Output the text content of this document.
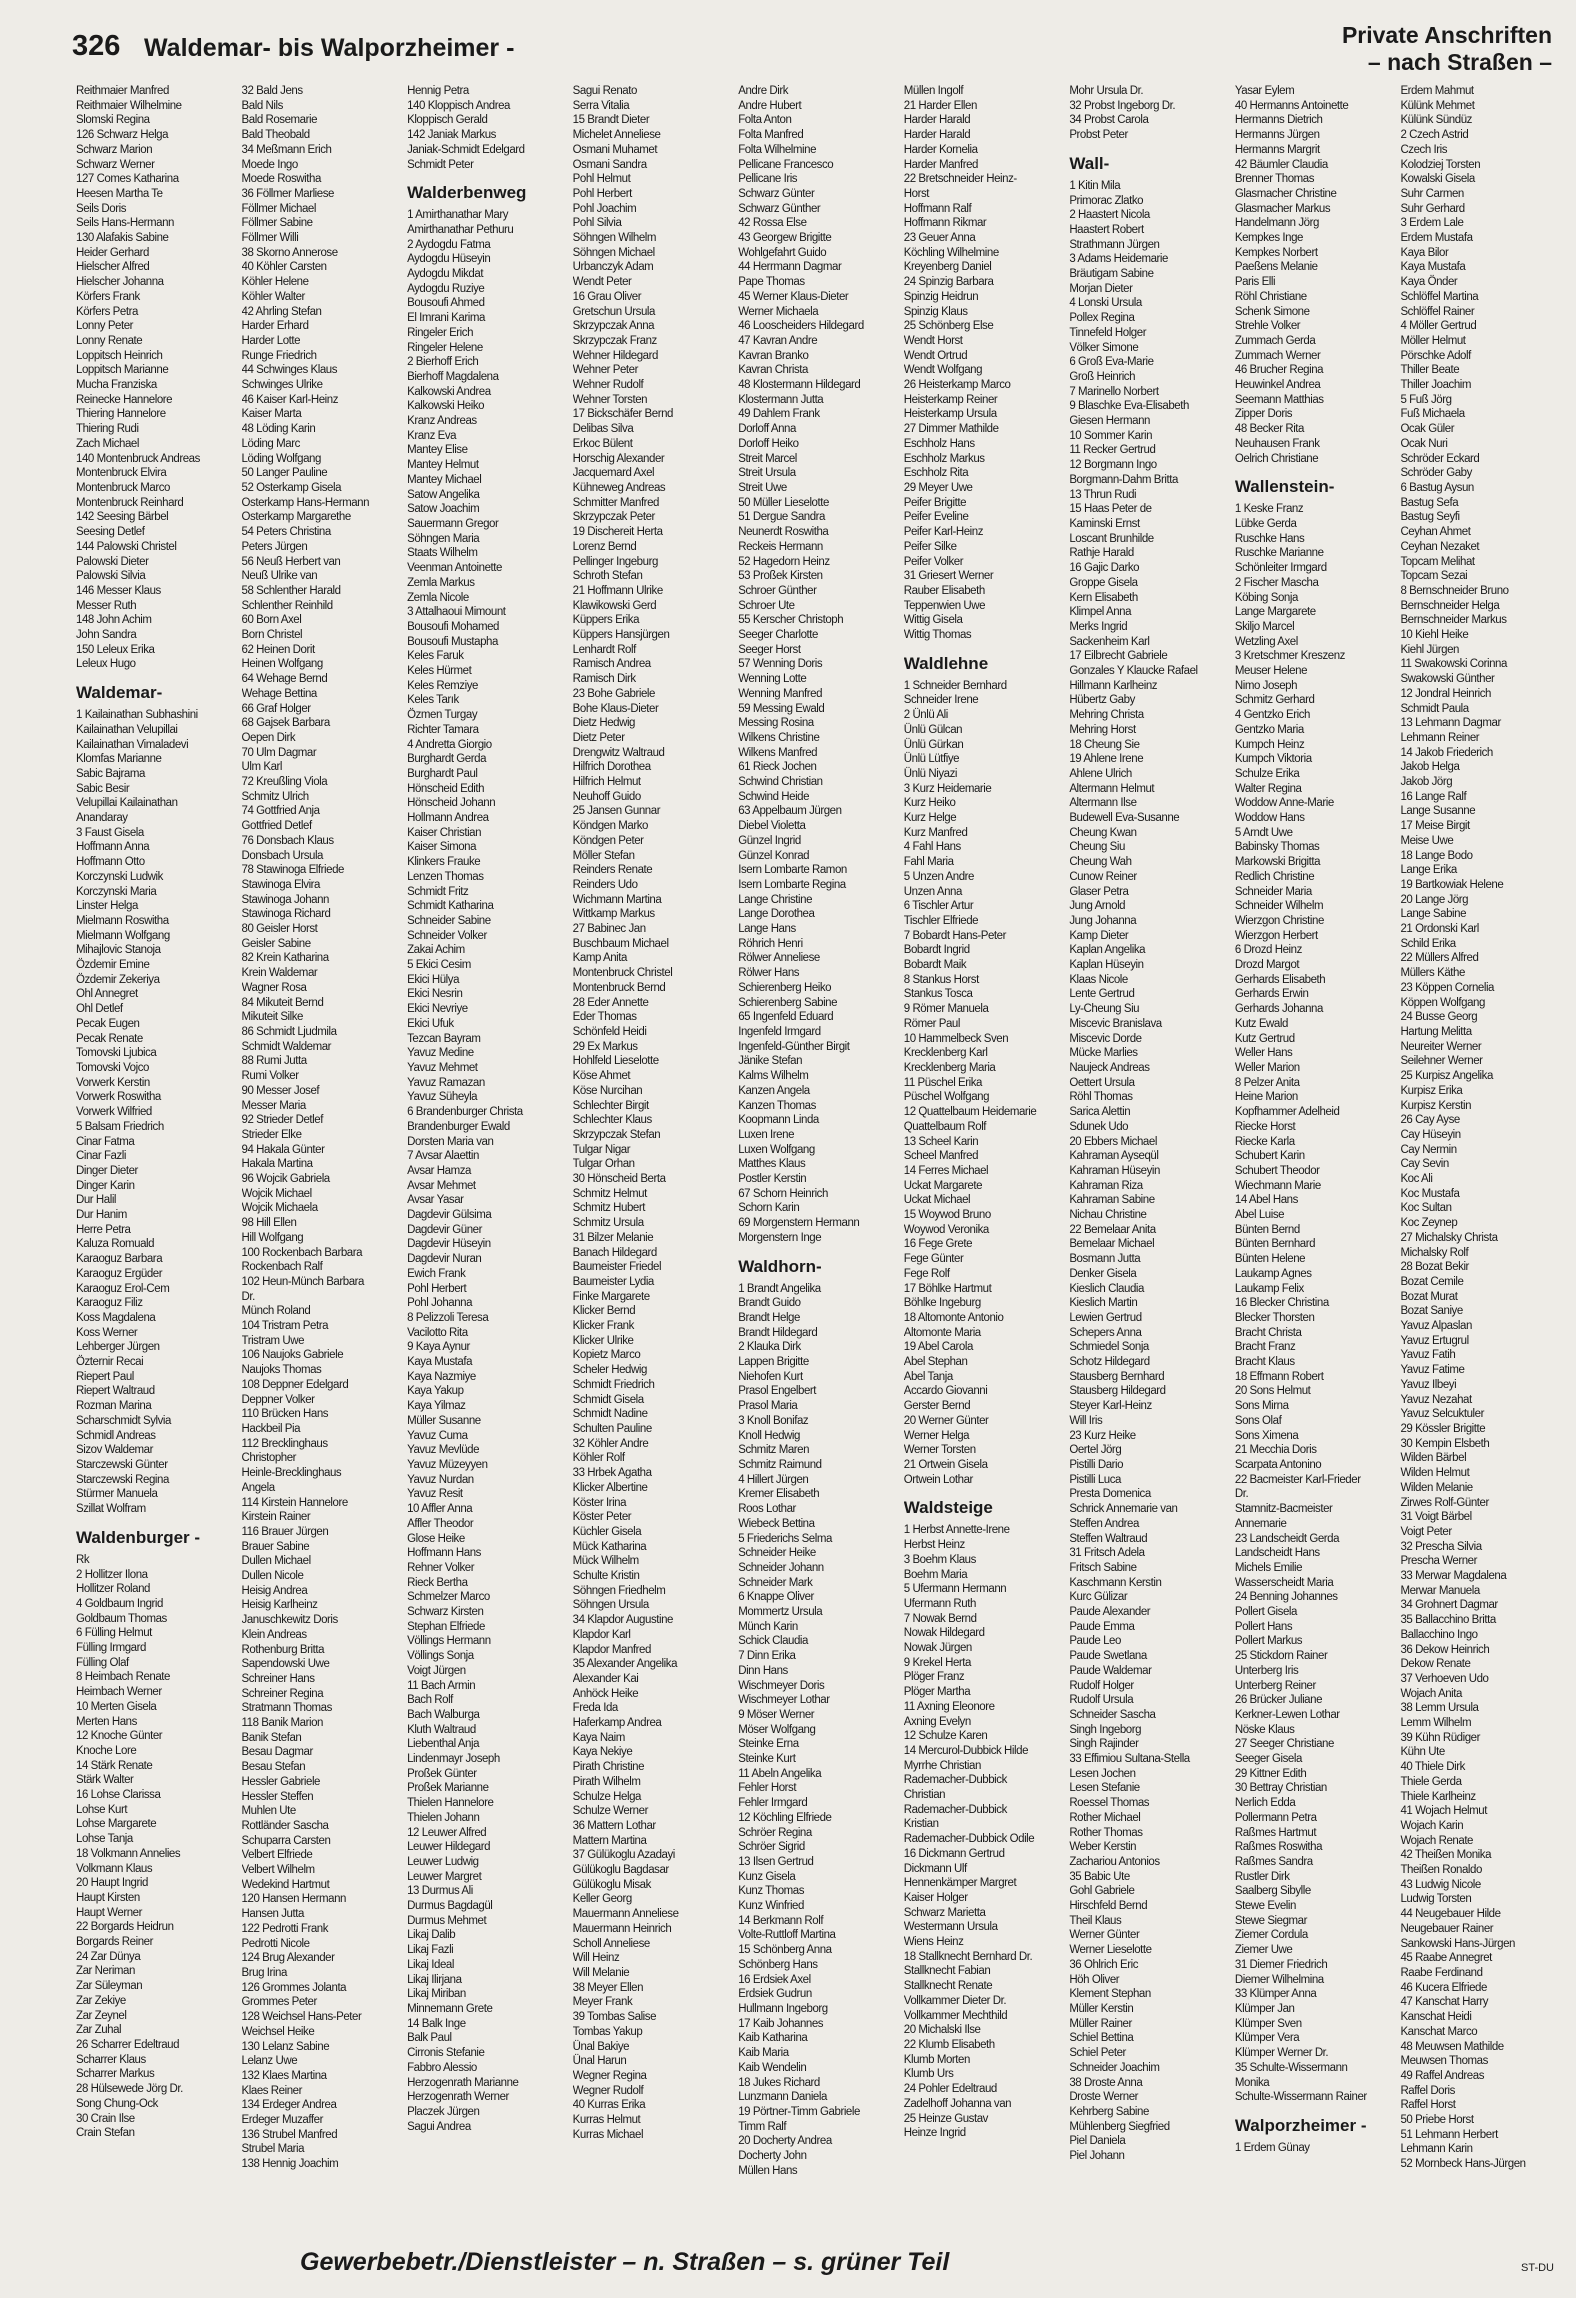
326 Waldemar- bis Walporzheimer -	Private Anschriften
– nach Straßen –
Reithmaier Manfred
Reithmaier Wilhelmine
Slomski Regina
126 Schwarz Helga
Schwarz Marion
Schwarz Werner
127 Comes Katharina
Heesen Martha Te
Seils Doris
Seils Hans-Hermann
130 Alafakis Sabine
Heider Gerhard
Hielscher Alfred
Hielscher Johanna
Körfers Frank
Körfers Petra
Lonny Peter
Lonny Renate
Loppitsch Heinrich
Loppitsch Marianne
Mucha Franziska
Reinecke Hannelore
Thiering Hannelore
Thiering Rudi
Zach Michael
140 Montenbruck Andreas
Montenbruck Elvira
Montenbruck Marco
Montenbruck Reinhard
142 Seesing Bärbel
Seesing Detlef
144 Palowski Christel
Palowski Dieter
Palowski Silvia
146 Messer Klaus
Messer Ruth
148 John Achim
John Sandra
150 Leleux Erika
Leleux Hugo
Waldemar-
1 Kailainathan Subhashini
Kailainathan Velupillai
Kailainathan Vimaladevi
Klomfas Marianne
Sabic Bajrama
Sabic Besir
Velupillai Kailainathan
Anandaray
3 Faust Gisela
Hoffmann Anna
Hoffmann Otto
Korczynski Ludwik
Korczynski Maria
Linster Helga
Mielmann Roswitha
Mielmann Wolfgang
Mihajlovic Stanoja
Özdemir Emine
Özdemir Zekeriya
Ohl Annegret
Ohl Detlef
Pecak Eugen
Pecak Renate
Tomovski Ljubica
Tomovski Vojco
Vorwerk Kerstin
Vorwerk Roswitha
Vorwerk Wilfried
5 Balsam Friedrich
Cinar Fatma
Cinar Fazli
Dinger Dieter
Dinger Karin
Dur Halil
Dur Hanim
Herre Petra
Kaluza Romuald
Karaoguz Barbara
Karaoguz Ergüder
Karaoguz Erol-Cem
Karaoguz Filiz
Koss Magdalena
Koss Werner
Lehberger Jürgen
Özternir Recai
Riepert Paul
Riepert Waltraud
Rozman Marina
Scharschmidt Sylvia
Schmidl Andreas
Sizov Waldemar
Starczewski Günter
Starczewski Regina
Stürmer Manuela
Szillat Wolfram
Waldenburger -
Rk
2 Hollitzer Ilona
Hollitzer Roland
4 Goldbaum Ingrid
Goldbaum Thomas
6 Fülling Helmut
Fülling Irmgard
Fülling Olaf
8 Heimbach Renate
Heimbach Werner
10 Merten Gisela
Merten Hans
12 Knoche Günter
Knoche Lore
14 Stärk Renate
Stärk Walter
16 Lohse Clarissa
Lohse Kurt
Lohse Margarete
Lohse Tanja
18 Volkmann Annelies
Volkmann Klaus
20 Haupt Ingrid
Haupt Kirsten
Haupt Werner
22 Borgards Heidrun
Borgards Reiner
24 Zar Dünya
Zar Neriman
Zar Süleyman
Zar Zekiye
Zar Zeynel
Zar Zuhal
26 Scharrer Edeltraud
Scharrer Klaus
Scharrer Markus
28 Hülsewede Jörg Dr.
Song Chung-Ock
30 Crain Ilse
Crain Stefan
32 Bald Jens
Bald Nils
Bald Rosemarie
Bald Theobald
34 Meßmann Erich
Moede Ingo
Moede Roswitha
36 Föllmer Marliese
Föllmer Michael
Föllmer Sabine
Föllmer Willi
38 Skorno Annerose
40 Köhler Carsten
Köhler Helene
Köhler Walter
42 Ahrling Stefan
Harder Erhard
Harder Lotte
Runge Friedrich
44 Schwinges Klaus
Schwinges Ulrike
46 Kaiser Karl-Heinz
Kaiser Marta
48 Löding Karin
Löding Marc
Löding Wolfgang
50 Langer Pauline
52 Osterkamp Gisela
Osterkamp Hans-Hermann
Osterkamp Margarethe
54 Peters Christina
Peters Jürgen
56 Neuß Herbert van
Neuß Ulrike van
58 Schlenther Harald
Schlenther Reinhild
60 Born Axel
Born Christel
62 Heinen Dorit
Heinen Wolfgang
64 Wehage Bernd
Wehage Bettina
66 Graf Holger
68 Gajsek Barbara
Oepen Dirk
70 Ulm Dagmar
Ulm Karl
72 Kreußling Viola
Schmitz Ulrich
74 Gottfried Anja
Gottfried Detlef
76 Donsbach Klaus
Donsbach Ursula
78 Stawinoga Elfriede
Stawinoga Elvira
Stawinoga Johann
Stawinoga Richard
80 Geisler Horst
Geisler Sabine
82 Krein Katharina
Krein Waldemar
Wagner Rosa
84 Mikuteit Bernd
Mikuteit Silke
86 Schmidt Ljudmila
Schmidt Waldemar
88 Rumi Jutta
Rumi Volker
90 Messer Josef
Messer Maria
92 Strieder Detlef
Strieder Elke
94 Hakala Günter
Hakala Martina
96 Wojcik Gabriela
Wojcik Michael
Wojcik Michaela
98 Hill Ellen
Hill Wolfgang
100 Rockenbach Barbara
Rockenbach Ralf
102 Heun-Münch Barbara
Dr.
Münch Roland
104 Tristram Petra
Tristram Uwe
106 Naujoks Gabriele
Naujoks Thomas
108 Deppner Edelgard
Deppner Volker
110 Brücken Hans
Hackbeil Pia
112 Brecklinghaus
Christopher
Heinle-Brecklinghaus
Angela
114 Kirstein Hannelore
Kirstein Rainer
116 Brauer Jürgen
Brauer Sabine
Dullen Michael
Dullen Nicole
Heisig Andrea
Heisig Karlheinz
Januschkewitz Doris
Klein Andreas
Rothenburg Britta
Sapendowski Uwe
Schreiner Hans
Schreiner Regina
Stratmann Thomas
118 Banik Marion
Banik Stefan
Besau Dagmar
Besau Stefan
Hessler Gabriele
Hessler Steffen
Muhlen Ute
Rottländer Sascha
Schuparra Carsten
Velbert Elfriede
Velbert Wilhelm
Wedekind Hartmut
120 Hansen Hermann
Hansen Jutta
122 Pedrotti Frank
Pedrotti Nicole
124 Brug Alexander
Brug Irina
126 Grommes Jolanta
Grommes Peter
128 Weichsel Hans-Peter
Weichsel Heike
130 Lelanz Sabine
Lelanz Uwe
132 Klaes Martina
Klaes Reiner
134 Erdeger Andrea
Erdeger Muzaffer
136 Strubel Manfred
Strubel Maria
138 Hennig Joachim
Hennig Petra
140 Kloppisch Andrea
Kloppisch Gerald
142 Janiak Markus
Janiak-Schmidt Edelgard
Schmidt Peter
Walderbenweg
1 Amirthanathar Mary
Amirthanathar Pethuru
2 Aydogdu Fatma
Aydogdu Hüseyin
Aydogdu Mikdat
Aydogdu Ruziye
Bousoufi Ahmed
El Imrani Karima
Ringeler Erich
Ringeler Helene
2 Bierhoff Erich
Bierhoff Magdalena
Kalkowski Andrea
Kalkowski Heiko
Kranz Andreas
Kranz Eva
Mantey Elise
Mantey Helmut
Mantey Michael
Satow Angelika
Satow Joachim
Sauermann Gregor
Söhngen Maria
Staats Wilhelm
Veenman Antoinette
Zemla Markus
Zemla Nicole
3 Attalhaoui Mimount
Bousoufi Mohamed
Bousoufi Mustapha
Keles Faruk
Keles Hürmet
Keles Remziye
Keles Tarık
Özmen Turgay
Richter Tamara
4 Andretta Giorgio
Burghardt Gerda
Burghardt Paul
Hönscheid Edith
Hönscheid Johann
Hollmann Andrea
Kaiser Christian
Kaiser Simona
Klinkers Frauke
Lenzen Thomas
Schmidt Fritz
Schmidt Katharina
Schneider Sabine
Schneider Volker
Zakai Achim
5 Ekici Cesim
Ekici Hülya
Ekici Nesrin
Ekici Nevriye
Ekici Ufuk
Tezcan Bayram
Yavuz Medine
Yavuz Mehmet
Yavuz Ramazan
Yavuz Süheyla
6 Brandenburger Christa
Brandenburger Ewald
Dorsten Maria van
7 Avsar Alaettin
Avsar Hamza
Avsar Mehmet
Avsar Yasar
Dagdevir Gülsima
Dagdevir Güner
Dagdevir Hüseyin
Dagdevir Nuran
Ewich Frank
Pohl Herbert
Pohl Johanna
8 Pelizzoli Teresa
Vacilotto Rita
9 Kaya Aynur
Kaya Mustafa
Kaya Nazmiye
Kaya Yakup
Kaya Yilmaz
Müller Susanne
Yavuz Cuma
Yavuz Mevlüde
Yavuz Müzeyyen
Yavuz Nurdan
Yavuz Resit
10 Affler Anna
Affler Theodor
Glose Heike
Hoffmann Hans
Rehner Volker
Rieck Bertha
Schmelzer Marco
Schwarz Kirsten
Stephan Elfriede
Völlings Hermann
Völlings Sonja
Voigt Jürgen
11 Bach Armin
Bach Rolf
Bach Walburga
Kluth Waltraud
Liebenthal Anja
Lindenmayr Joseph
Proßek Günter
Proßek Marianne
Thielen Hannelore
Thielen Johann
12 Leuwer Alfred
Leuwer Hildegard
Leuwer Ludwig
Leuwer Margret
13 Durmus Ali
Durmus Bagdagül
Durmus Mehmet
Likaj Dalib
Likaj Fazli
Likaj Ideal
Likaj Ilirjana
Likaj Miriban
Minnemann Grete
14 Balk Inge
Balk Paul
Cirronis Stefanie
Fabbro Alessio
Herzogenrath Marianne
Herzogenrath Werner
Placzek Jürgen
Sagui Andrea
Sagui Renato
Serra Vitalia
15 Brandt Dieter
Michelet Anneliese
Osmani Muhamet
Osmani Sandra
Pohl Helmut
Pohl Herbert
Pohl Joachim
Pohl Silvia
Söhngen Wilhelm
Söhngen Michael
Urbanczyk Adam
Wendt Peter
16 Grau Oliver
Gretschun Ursula
Skrzypczak Anna
Skrzypczak Franz
Wehner Hildegard
Wehner Peter
Wehner Rudolf
Wehner Torsten
17 Bickschäfer Bernd
Delibas Silva
Erkoc Bülent
Horschig Alexander
Jacquemard Axel
Kühneweg Andreas
Schmitter Manfred
Skrzypczak Peter
19 Dischereit Herta
Lorenz Bernd
Pellinger Ingeburg
Schroth Stefan
21 Hoffmann Ulrike
Klawikowski Gerd
Küppers Erika
Küppers Hansjürgen
Lenhardt Rolf
Ramisch Andrea
Ramisch Dirk
23 Bohe Gabriele
Bohe Klaus-Dieter
Dietz Hedwig
Dietz Peter
Drengwitz Waltraud
Hilfrich Dorothea
Hilfrich Helmut
Neuhoff Guido
25 Jansen Gunnar
Köndgen Marko
Köndgen Peter
Möller Stefan
Reinders Renate
Reinders Udo
Wichmann Martina
Wittkamp Markus
27 Babinec Jan
Buschbaum Michael
Kamp Anita
Montenbruck Christel
Montenbruck Bernd
28 Eder Annette
Eder Thomas
Schönfeld Heidi
29 Ex Markus
Hohlfeld Lieselotte
Köse Ahmet
Köse Nurcihan
Schlechter Birgit
Schlechter Klaus
Skrzypczak Stefan
Tulgar Nigar
Tulgar Orhan
30 Hönscheid Berta
Schmitz Helmut
Schmitz Hubert
Schmitz Ursula
31 Bilzer Melanie
Banach Hildegard
Baumeister Friedel
Baumeister Lydia
Finke Margarete
Klicker Bernd
Klicker Frank
Klicker Ulrike
Kopietz Marco
Scheler Hedwig
Schmidt Friedrich
Schmidt Gisela
Schmidt Nadine
Schulten Pauline
32 Köhler Andre
Köhler Rolf
33 Hrbek Agatha
Klicker Albertine
Köster Irina
Köster Peter
Küchler Gisela
Mück Katharina
Mück Wilhelm
Schulte Kristin
Söhngen Friedhelm
Söhngen Ursula
34 Klapdor Augustine
Klapdor Karl
Klapdor Manfred
35 Alexander Angelika
Alexander Kai
Anhöck Heike
Freda Ida
Haferkamp Andrea
Kaya Naim
Kaya Nekiye
Pirath Christine
Pirath Wilhelm
Schulze Helga
Schulze Werner
36 Mattern Lothar
Mattern Martina
37 Gülükoglu Azadayi
Gülükoglu Bagdasar
Gülükoglu Misak
Keller Georg
Mauermann Anneliese
Mauermann Heinrich
Scholl Anneliese
Will Heinz
Will Melanie
38 Meyer Ellen
Meyer Frank
39 Tombas Salise
Tombas Yakup
Ünal Bakiye
Ünal Harun
Wegner Regina
Wegner Rudolf
40 Kurras Erika
Kurras Helmut
Kurras Michael
Andre Dirk
Andre Hubert
Folta Anton
Folta Manfred
Folta Wilhelmine
Pellicane Francesco
Pellicane Iris
Schwarz Günter
Schwarz Günther
42 Rossa Else
43 Georgew Brigitte
Wohlgefahrt Guido
44 Herrmann Dagmar
Pape Thomas
45 Werner Klaus-Dieter
Werner Michaela
46 Looscheiders Hildegard
47 Kavran Andre
Kavran Branko
Kavran Christa
48 Klostermann Hildegard
Klostermann Jutta
49 Dahlem Frank
Dorloff Anna
Dorloff Heiko
Streit Marcel
Streit Ursula
Streit Uwe
50 Müller Lieselotte
51 Dergue Sandra
Neunerdt Roswitha
Reckeis Hermann
52 Hagedorn Heinz
53 Proßek Kirsten
Schroer Günther
Schroer Ute
55 Kerscher Christoph
Seeger Charlotte
Seeger Horst
57 Wenning Doris
Wenning Lotte
Wenning Manfred
59 Messing Ewald
Messing Rosina
Wilkens Christine
Wilkens Manfred
61 Rieck Jochen
Schwind Christian
Schwind Heide
63 Appelbaum Jürgen
Diebel Violetta
Günzel Ingrid
Günzel Konrad
Isern Lombarte Ramon
Isern Lombarte Regina
Lange Christine
Lange Dorothea
Lange Hans
Röhrich Henri
Rölwer Anneliese
Rölwer Hans
Schierenberg Heiko
Schierenberg Sabine
65 Ingenfeld Eduard
Ingenfeld Irmgard
Ingenfeld-Günther Birgit
Jänike Stefan
Kalms Wilhelm
Kanzen Angela
Kanzen Thomas
Koopmann Linda
Luxen Irene
Luxen Wolfgang
Matthes Klaus
Postler Kerstin
67 Schorn Heinrich
Schorn Karin
69 Morgenstern Hermann
Morgenstern Inge
Waldhorn-
1 Brandt Angelika
Brandt Guido
Brandt Helge
Brandt Hildegard
2 Klauka Dirk
Lappen Brigitte
Niehofen Kurt
Prasol Engelbert
Prasol Maria
3 Knoll Bonifaz
Knoll Hedwig
Schmitz Maren
Schmitz Raimund
4 Hillert Jürgen
Kremer Elisabeth
Roos Lothar
Wiebeck Bettina
5 Friederichs Selma
Schneider Heike
Schneider Johann
Schneider Mark
6 Knappe Oliver
Mommertz Ursula
Münch Karin
Schick Claudia
7 Dinn Erika
Dinn Hans
Wischmeyer Doris
Wischmeyer Lothar
9 Möser Werner
Möser Wolfgang
Steinke Erna
Steinke Kurt
11 Abeln Angelika
Fehler Horst
Fehler Irmgard
12 Köchling Elfriede
Schröer Regina
Schröer Sigrid
13 Ilsen Gertrud
Kunz Gisela
Kunz Thomas
Kunz Winfried
14 Berkmann Rolf
Volte-Ruttloff Martina
15 Schönberg Anna
Schönberg Hans
16 Erdsiek Axel
Erdsiek Gudrun
Hullmann Ingeborg
17 Kaib Johannes
Kaib Katharina
Kaib Maria
Kaib Wendelin
18 Jukes Richard
Lunzmann Daniela
19 Pörtner-Timm Gabriele
Timm Ralf
20 Docherty Andrea
Docherty John
Müllen Hans
Müllen Ingolf
21 Harder Ellen
Harder Harald
Harder Harald
Harder Kornelia
Harder Manfred
22 Bretschneider Heinz-
Horst
Hoffmann Ralf
Hoffmann Rikmar
23 Geuer Anna
Köchling Wilhelmine
Kreyenberg Daniel
24 Spinzig Barbara
Spinzig Heidrun
Spinzig Klaus
25 Schönberg Else
Wendt Horst
Wendt Ortrud
Wendt Wolfgang
26 Heisterkamp Marco
Heisterkamp Reiner
Heisterkamp Ursula
27 Dimmer Mathilde
Eschholz Hans
Eschholz Markus
Eschholz Rita
29 Meyer Uwe
Peifer Brigitte
Peifer Eveline
Peifer Karl-Heinz
Peifer Silke
Peifer Volker
31 Griesert Werner
Rauber Elisabeth
Teppenwien Uwe
Wittig Gisela
Wittig Thomas
Waldlehne
1 Schneider Bernhard
Schneider Irene
2 Ünlü Ali
Ünlü Gülcan
Ünlü Gürkan
Ünlü Lütfiye
Ünlü Niyazi
3 Kurz Heidemarie
Kurz Heiko
Kurz Helge
Kurz Manfred
4 Fahl Hans
Fahl Maria
5 Unzen Andre
Unzen Anna
6 Tischler Artur
Tischler Elfriede
7 Bobardt Hans-Peter
Bobardt Ingrid
Bobardt Maik
8 Stankus Horst
Stankus Tosca
9 Römer Manuela
Römer Paul
10 Hammelbeck Sven
Krecklenberg Karl
Krecklenberg Maria
11 Püschel Erika
Püschel Wolfgang
12 Quattelbaum Heidemarie
Quattelbaum Rolf
13 Scheel Karin
Scheel Manfred
14 Ferres Michael
Uckat Margarete
Uckat Michael
15 Woywod Bruno
Woywod Veronika
16 Fege Grete
Fege Günter
Fege Rolf
17 Böhlke Hartmut
Böhlke Ingeburg
18 Altomonte Antonio
Altomonte Maria
19 Abel Carola
Abel Stephan
Abel Tanja
Accardo Giovanni
Gerster Bernd
20 Werner Günter
Werner Helga
Werner Torsten
21 Ortwein Gisela
Ortwein Lothar
Waldsteige
1 Herbst Annette-Irene
Herbst Heinz
3 Boehm Klaus
Boehm Maria
5 Ufermann Hermann
Ufermann Ruth
7 Nowak Bernd
Nowak Hildegard
Nowak Jürgen
9 Krekel Herta
Plöger Franz
Plöger Martha
11 Axning Eleonore
Axning Evelyn
12 Schulze Karen
14 Mercurol-Dubbick Hilde
Myrrhe Christian
Rademacher-Dubbick
Christian
Rademacher-Dubbick
Kristian
Rademacher-Dubbick Odile
16 Dickmann Gertrud
Dickmann Ulf
Hennenkämper Margret
Kaiser Holger
Schwarz Marietta
Westermann Ursula
Wiens Heinz
18 Stallknecht Bernhard Dr.
Stallknecht Fabian
Stallknecht Renate
Vollkammer Dieter Dr.
Vollkammer Mechthild
20 Michalski Ilse
22 Klumb Elisabeth
Klumb Morten
Klumb Urs
24 Pohler Edeltraud
Zadelhoff Johanna van
25 Heinze Gustav
Heinze Ingrid
Mohr Ursula Dr.
32 Probst Ingeborg Dr.
34 Probst Carola
Probst Peter
Wall-
1 Kitin Mila
Primorac Zlatko
2 Haastert Nicola
Haastert Robert
Strathmann Jürgen
3 Adams Heidemarie
Bräutigam Sabine
Morjan Dieter
4 Lonski Ursula
Pollex Regina
Tinnefeld Holger
Völker Simone
6 Groß Eva-Marie
Groß Heinrich
7 Marinello Norbert
9 Blaschke Eva-Elisabeth
Giesen Hermann
10 Sommer Karin
11 Recker Gertrud
12 Borgmann Ingo
Borgmann-Dahm Britta
13 Thrun Rudi
15 Haas Peter de
Kaminski Ernst
Loscant Brunhilde
Rathje Harald
16 Gajic Darko
Groppe Gisela
Kern Elisabeth
Klimpel Anna
Merks Ingrid
Sackenheim Karl
17 Eilbrecht Gabriele
Gonzales Y Klaucke Rafael
Hillmann Karlheinz
Hübertz Gaby
Mehring Christa
Mehring Horst
18 Cheung Sie
19 Ahlene Irene
Ahlene Ulrich
Altermann Helmut
Altermann Ilse
Budewell Eva-Susanne
Cheung Kwan
Cheung Siu
Cheung Wah
Cunow Reiner
Glaser Petra
Jung Arnold
Jung Johanna
Kamp Dieter
Kaplan Angelika
Kaplan Hüseyin
Klaas Nicole
Lente Gertrud
Ly-Cheung Siu
Miscevic Branislava
Miscevic Dorde
Mücke Marlies
Naujeck Andreas
Oettert Ursula
Röhl Thomas
Sarica Alettin
Sdunek Udo
20 Ebbers Michael
Kahraman Ayseqül
Kahraman Hüseyin
Kahraman Riza
Kahraman Sabine
Nichau Christine
22 Bemelaar Anita
Bemelaar Michael
Bosmann Jutta
Denker Gisela
Kieslich Claudia
Kieslich Martin
Lewien Gertrud
Schepers Anna
Schmiedel Sonja
Schotz Hildegard
Stausberg Bernhard
Stausberg Hildegard
Steyer Karl-Heinz
Will Iris
23 Kurz Heike
Oertel Jörg
Pistilli Dario
Pistilli Luca
Presta Domenica
Schrick Annemarie van
Steffen Andrea
Steffen Waltraud
31 Fritsch Adela
Fritsch Sabine
Kaschmann Kerstin
Kurc Gülizar
Paude Alexander
Paude Emma
Paude Leo
Paude Swetlana
Paude Waldemar
Rudolf Holger
Rudolf Ursula
Schneider Sascha
Singh Ingeborg
Singh Rajinder
33 Effimiou Sultana-Stella
Lesen Jochen
Lesen Stefanie
Roessel Thomas
Rother Michael
Rother Thomas
Weber Kerstin
Zachariou Antonios
35 Babic Ute
Gohl Gabriele
Hirschfeld Bernd
Theil Klaus
Werner Günter
Werner Lieselotte
36 Ohlrich Eric
Höh Oliver
Klement Stephan
Müller Kerstin
Müller Rainer
Schiel Bettina
Schiel Peter
Schneider Joachim
38 Droste Anna
Droste Werner
Kehrberg Sabine
Mühlenberg Siegfried
Piel Daniela
Piel Johann
Yasar Eylem
40 Hermanns Antoinette
Hermanns Dietrich
Hermanns Jürgen
Hermanns Margrit
42 Bäumler Claudia
Brenner Thomas
Glasmacher Christine
Glasmacher Markus
Handelmann Jörg
Kempkes Inge
Kempkes Norbert
Paeßens Melanie
Paris Elli
Röhl Christiane
Schenk Simone
Strehle Volker
Zummach Gerda
Zummach Werner
46 Brucher Regina
Heuwinkel Andrea
Seemann Matthias
Zipper Doris
48 Becker Rita
Neuhausen Frank
Oelrich Christiane
Wallenstein-
1 Keske Franz
Lübke Gerda
Ruschke Hans
Ruschke Marianne
Schönleiter Irmgard
2 Fischer Mascha
Köbing Sonja
Lange Margarete
Skiljo Marcel
Wetzling Axel
3 Kretschmer Kreszenz
Meuser Helene
Nimo Joseph
Schmitz Gerhard
4 Gentzko Erich
Gentzko Maria
Kumpch Heinz
Kumpch Viktoria
Schulze Erika
Walter Regina
Woddow Anne-Marie
Woddow Hans
5 Arndt Uwe
Babinsky Thomas
Markowski Brigitta
Redlich Christine
Schneider Maria
Schneider Wilhelm
Wierzgon Christine
Wierzgon Herbert
6 Drozd Heinz
Drozd Margot
Gerhards Elisabeth
Gerhards Erwin
Gerhards Johanna
Kutz Ewald
Kutz Gertrud
Weller Hans
Weller Marion
8 Pelzer Anita
Heine Marion
Kopfhammer Adelheid
Riecke Horst
Riecke Karla
Schubert Karin
Schubert Theodor
Wiechmann Marie
14 Abel Hans
Abel Luise
Bünten Bernd
Bünten Bernhard
Bünten Helene
Laukamp Agnes
Laukamp Felix
16 Blecker Christina
Blecker Thorsten
Bracht Christa
Bracht Franz
Bracht Klaus
18 Effmann Robert
20 Sons Helmut
Sons Mirna
Sons Olaf
Sons Ximena
21 Mecchia Doris
Scarpata Antonino
22 Bacmeister Karl-Frieder
Dr.
Stamnitz-Bacmeister
Annemarie
23 Landscheidt Gerda
Landscheidt Hans
Michels Emilie
Wasserscheidt Maria
24 Benning Johannes
Pollert Gisela
Pollert Hans
Pollert Markus
25 Stickdorn Rainer
Unterberg Iris
Unterberg Reiner
26 Brücker Juliane
Kerkner-Lewen Lothar
Nöske Klaus
27 Seeger Christiane
Seeger Gisela
29 Kittner Edith
30 Bettray Christian
Nerlich Edda
Pollermann Petra
Raßmes Hartmut
Raßmes Roswitha
Raßmes Sandra
Rustler Dirk
Saalberg Sibylle
Stewe Evelin
Stewe Siegmar
Ziemer Cordula
Ziemer Uwe
31 Diemer Friedrich
Diemer Wilhelmina
33 Klümper Anna
Klümper Jan
Klümper Sven
Klümper Vera
Klümper Werner Dr.
35 Schulte-Wissermann
Monika
Schulte-Wissermann Rainer
Walporzheimer -
1 Erdem Günay
Erdem Mahmut
Külünk Mehmet
Külünk Sündüz
2 Czech Astrid
Czech Iris
Kolodziej Torsten
Kowalski Gisela
Suhr Carmen
Suhr Gerhard
3 Erdem Lale
Erdem Mustafa
Kaya Bilor
Kaya Mustafa
Kaya Önder
Schlöffel Martina
Schlöffel Rainer
4 Möller Gertrud
Möller Helmut
Pörschke Adolf
Thiller Beate
Thiller Joachim
5 Fuß Jörg
Fuß Michaela
Ocak Güler
Ocak Nuri
Schröder Eckard
Schröder Gaby
6 Bastug Aysun
Bastug Sefa
Bastug Seyfi
Ceyhan Ahmet
Ceyhan Nezaket
Topcam Melihat
Topcam Sezai
8 Bernschneider Bruno
Bernschneider Helga
Bernschneider Markus
10 Kiehl Heike
Kiehl Jürgen
11 Swakowski Corinna
Swakowski Günther
12 Jondral Heinrich
Schmidt Paula
13 Lehmann Dagmar
Lehmann Reiner
14 Jakob Friederich
Jakob Helga
Jakob Jörg
16 Lange Ralf
Lange Susanne
17 Meise Birgit
Meise Uwe
18 Lange Bodo
Lange Erika
19 Bartkowiak Helene
20 Lange Jörg
Lange Sabine
21 Ordonski Karl
Schild Erika
22 Müllers Alfred
Müllers Käthe
23 Köppen Cornelia
Köppen Wolfgang
24 Busse Georg
Hartung Melitta
Neureiter Werner
Seilehner Werner
25 Kurpisz Angelika
Kurpisz Erika
Kurpisz Kerstin
26 Cay Ayse
Cay Hüseyin
Cay Nermin
Cay Sevin
Koc Ali
Koc Mustafa
Koc Sultan
Koc Zeynep
27 Michalsky Christa
Michalsky Rolf
28 Bozat Bekir
Bozat Cemile
Bozat Murat
Bozat Saniye
Yavuz Alpaslan
Yavuz Ertugrul
Yavuz Fatih
Yavuz Fatime
Yavuz Ilbeyi
Yavuz Nezahat
Yavuz Selcuktuler
29 Kössler Brigitte
30 Kempin Elsbeth
Wilden Bärbel
Wilden Helmut
Wilden Melanie
Zirwes Rolf-Günter
31 Voigt Bärbel
Voigt Peter
32 Prescha Silvia
Prescha Werner
33 Merwar Magdalena
Merwar Manuela
34 Grohnert Dagmar
35 Ballacchino Britta
Ballacchino Ingo
36 Dekow Heinrich
Dekow Renate
37 Verhoeven Udo
Wojach Anita
38 Lemm Ursula
Lemm Wilhelm
39 Kühn Rüdiger
Kühn Ute
40 Thiele Dirk
Thiele Gerda
Thiele Karlheinz
41 Wojach Helmut
Wojach Karin
Wojach Renate
42 Theißen Monika
Theißen Ronaldo
43 Ludwig Nicole
Ludwig Torsten
44 Neugebauer Hilde
Neugebauer Rainer
Sankowski Hans-Jürgen
45 Raabe Annegret
Raabe Ferdinand
46 Kucera Elfriede
47 Kanschat Harry
Kanschat Heidi
Kanschat Marco
48 Meuwsen Mathilde
Meuwsen Thomas
49 Raffel Andreas
Raffel Doris
Raffel Horst
50 Priebe Horst
51 Lehmann Herbert
Lehmann Karin
52 Mornbeck Hans-Jürgen
Gewerbebetr./Dienstleister – n. Straßen – s. grüner Teil	ST-DU
